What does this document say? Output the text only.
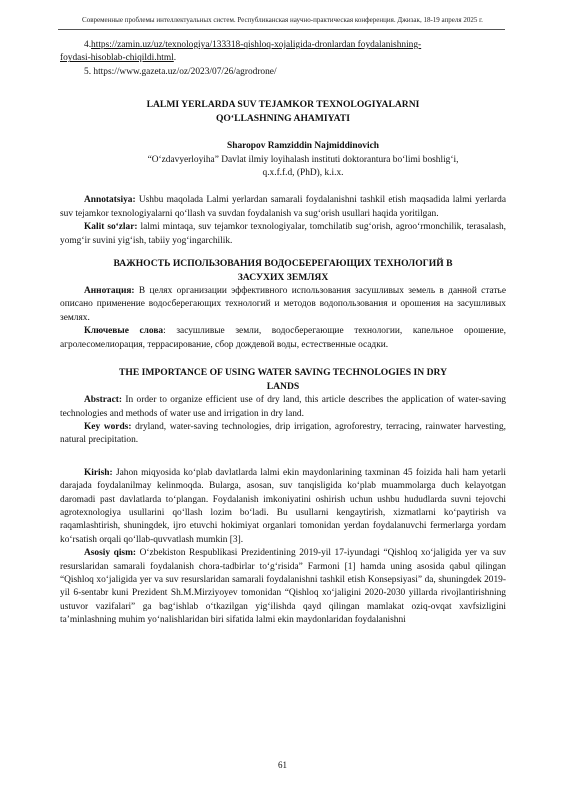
Современные проблемы интеллектуальных систем. Республиканская научно-практическая конференция. Джизак, 18-19 апреля 2025 г.

4.https://zamin.uz/uz/texnologiya/133318-qishloq-xojaligida-dronlardan foydalanishning-
foydasi-hisoblab-chiqildi.html.

5. https://www.gazeta.uz/oz/2023/07/26/agrodrone/

LALMI YERLARDA SUV TEJAMKOR TEXNOLOGIYALARNI

QO‘LLASHNING AHAMIYATI

Sharopov Ramziddin Najmiddinovich

“O‘zdavyerloyiha” Davlat ilmiy loyihalash instituti doktorantura bo‘limi boshlig‘i,

q.x.f.f.d, (PhD), k.i.x.

Annotatsiya: Ushbu maqolada Lalmi yerlardan samarali foydalanishni tashkil etish maqsadida lalmi yerlarda suv tejamkor texnologiyalarni qo‘llash va suvdan foydalanish va sug‘orish usullari haqida yoritilgan.

Kalit so‘zlar: lalmi mintaqa, suv tejamkor texnologiyalar, tomchilatib sug‘orish, agroo‘rmonchilik, terasalash, yomg‘ir suvini yig‘ish, tabiiy yog‘ingarchilik.

ВАЖНОСТЬ ИСПОЛЬЗОВАНИЯ ВОДОСБЕРЕГАЮЩИХ ТЕХНОЛОГИЙ В

ЗАСУХИХ ЗЕМЛЯХ

Аннотация: В целях организации эффективного использования засушливых земель в данной статье описано применение водосберегающих технологий и методов водопользования и орошения на засушливых землях.

Ключевые слова: засушливые земли, водосберегающие технологии, капельное орошение, агролесомелиорация, террасирование, сбор дождевой воды, естественные осадки.

THE IMPORTANCE OF USING WATER SAVING TECHNOLOGIES IN DRY

LANDS

Abstract: In order to organize efficient use of dry land, this article describes the application of water-saving technologies and methods of water use and irrigation in dry land.

Key words: dryland, water-saving technologies, drip irrigation, agroforestry, terracing, rainwater harvesting, natural precipitation.

Kirish: Jahon miqyosida ko‘plab davlatlarda lalmi ekin maydonlarining taxminan 45 foizida hali ham yetarli darajada foydalanilmay kelinmoqda. Bularga, asosan, suv tanqisligida ko‘plab muammolarga duch kelayotgan daromadi past davlatlarda to‘plangan. Foydalanish imkoniyatini oshirish uchun ushbu hududlarda suvni tejovchi agrotexnologiya usullarini qo‘llash lozim bo‘ladi. Bu usullarni kengaytirish, xizmatlarni ko‘paytirish va raqamlashtirish, shuningdek, ijro etuvchi hokimiyat organlari tomonidan yerdan foydalanuvchi fermerlarga yordam ko‘rsatish orqali qo‘llab-quvvatlash mumkin [3].

Asosiy qism: O‘zbekiston Respublikasi Prezidentining 2019-yil 17-iyundagi “Qishloq xo‘jaligida yer va suv resurslaridan samarali foydalanish chora-tadbirlar to‘g‘risida” Farmoni [1] hamda uning asosida qabul qilingan “Qishloq xo‘jaligida yer va suv resurslaridan samarali foydalanishni tashkil etish Konsepsiyasi” da, shuningdek 2019-yil 6-sentabr kuni Prezident Sh.M.Mirziyoyev tomonidan “Qishloq xo‘jaligini 2020-2030 yillarda rivojlantirishning ustuvor vazifalari” ga bag‘ishlab o‘tkazilgan yig‘ilishda qayd qilingan mamlakat oziq-ovqat xavfsizligini ta’minlashning muhim yo‘nalishlaridan biri sifatida lalmi ekin maydonlaridan foydalanishni

61
